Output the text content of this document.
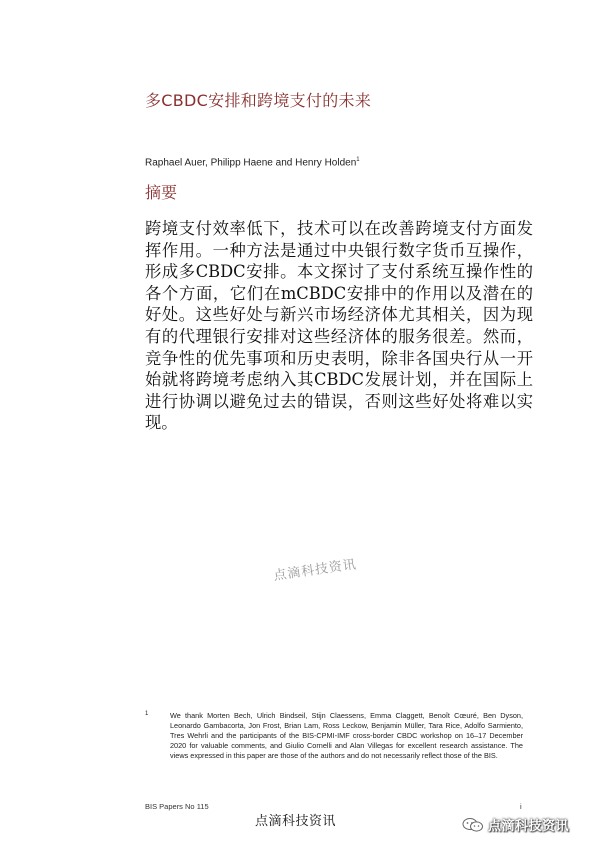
多CBDC安排和跨境支付的未来
Raphael Auer, Philipp Haene and Henry Holden$^1$
摘要

跨境支付效率低下，技术可以在改善跨境支付方面发挥作用。一种方法是通过中央银行数字货币互操作，形成多CBDC安排。本文探讨了支付系统互操作性的各个方面，它们在mCBDC安排中的作用以及潜在的好处。这些好处与新兴市场经济体尤其相关，因为现有的代理银行安排对这些经济体的服务很差。然而，竞争性的优先事项和历史表明，除非各国央行从一开始就将跨境考虑纳入其CBDC发展计划，并在国际上进行协调以避免过去的错误，否则这些好处将难以实现。

点滴科技资讯
1	We thank Morten Bech, Ulrich Bindseil, Stijn Claessens, Emma Claggett, Benoît Cœuré, Ben Dyson, Leonardo Gambacorta, Jon Frost, Brian Lam, Ross Leckow, Benjamin Müller, Tara Rice, Adolfo Sarmiento, Tres Wehrli and the participants of the BIS-CPMI-IMF cross-border CBDC workshop on 16–17 December 2020 for valuable comments, and Giulio Cornelli and Alan Villegas for excellent research assistance. The views expressed in this paper are those of the authors and do not necessarily reflect those of the BIS.
BIS Papers No 115	i
点滴科技资讯	点滴科技资讯
